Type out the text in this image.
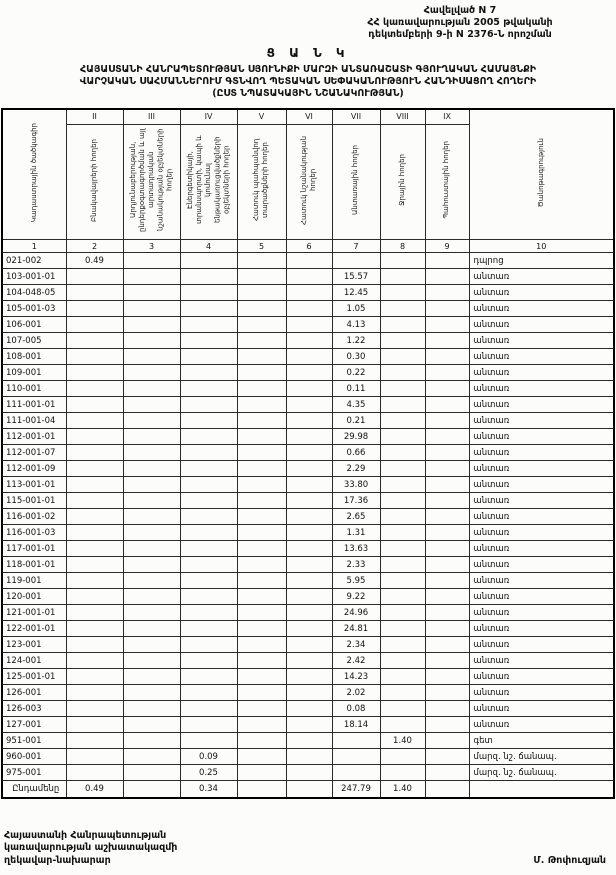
Հավելված N 7
ՀՀ կառավարության 2005 թվականի
դեկտեմբերի 9-ի N 2376-Ն որոշման
Ց Ա Ն Կ
ՀԱՅԱՍՏԱՆԻ ՀԱՆՐԱՊԵՏՈՒԹՅԱՆ ՍՅՈՒՆԻՔԻ ՄԱՐԶԻ ԱՆՏԱՌԱՇԱՏԻ ԳՅՈՒՂԱԿԱՆ ՀԱՄԱՅՆՔԻ
ՎԱՐՉԱԿԱՆ ՍԱՀՄԱՆՆԵՐՈՒՄ ԳՏՆՎՈՂ ՊԵՏԱԿԱՆ ՍԵՓԱԿԱՆՈՒԹՅՈՒՆ ՀԱՆԴԻՍԱՑՈՂ ՀՈՂԵՐԻ
(ԸՍՏ ՆՊԱՏԱԿԱՅԻՆ ՆՇԱՆԱԿՈՒԹՅԱՆ)
Կադաստրային ծածկագիր	II	III	IV	V	VI	VII	VIII	IX	Ծանոթագրություն
	Բնակավայրերի հողեր	Արդյունաբերության, ընդերքօգտագործման և այլ արտադրական նշանակության օբյեկտների հողեր	Էներգետիկայի, տրանսպորտի, կապի և կոմունալ ենթակառուցվածքների օբյեկտների հողեր	Հատուկ պահպանվող տարածքների հողեր	Հատուկ նշանակության հողեր	Անտառային հողեր	Ջրային հողեր	Պահուստային հողեր	
1	2	3	4	5	6	7	8	9	10
021-002	0.49								դպրոց
103-001-01						15.57			անտառ
104-048-05						12.45			անտառ
105-001-03						1.05			անտառ
106-001						4.13			անտառ
107-005						1.22			անտառ
108-001						0.30			անտառ
109-001						0.22			անտառ
110-001						0.11			անտառ
111-001-01						4.35			անտառ
111-001-04						0.21			անտառ
112-001-01						29.98			անտառ
112-001-07						0.66			անտառ
112-001-09						2.29			անտառ
113-001-01						33.80			անտառ
115-001-01						17.36			անտառ
116-001-02						2.65			անտառ
116-001-03						1.31			անտառ
117-001-01						13.63			անտառ
118-001-01						2.33			անտառ
119-001						5.95			անտառ
120-001						9.22			անտառ
121-001-01						24.96			անտառ
122-001-01						24.81			անտառ
123-001						2.34			անտառ
124-001						2.42			անտառ
125-001-01						14.23			անտառ
126-001						2.02			անտառ
126-003						0.08			անտառ
127-001						18.14			անտառ
951-001							1.40		գետ
960-001			0.09						մարզ. նշ. ճանապ.
975-001			0.25						մարզ. նշ. ճանապ.
Ընդամենը	0.49		0.34			247.79	1.40		
Հայաստանի Հանրապետության
կառավարության աշխատակազմի
ղեկավար-նախարար	Մ. Թոփուզյան
